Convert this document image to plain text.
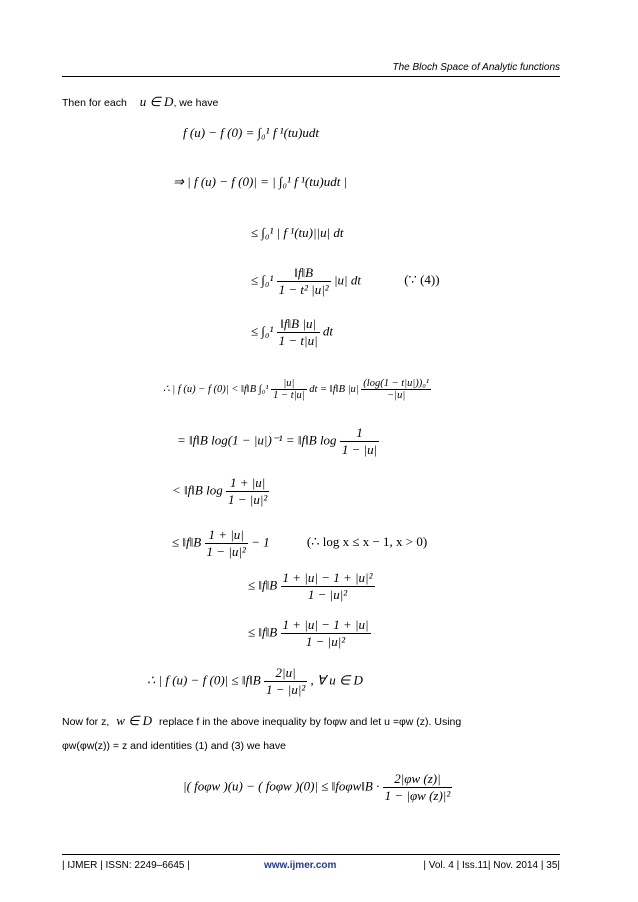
The Bloch Space of Analytic functions
Then for each u ∈ D, we have
f (u) − f (0) = ∫₀¹ f ¹(tu)udt
⇒ | f (u) − f (0)| = | ∫₀¹ f ¹(tu)udt |
≤ ∫₀¹ | f ¹(tu)||u| dt
≤ $\int_0^1 \frac{‖f‖B}{\text{1 − t² |u|²}} |u|$ dt	(∵ (4))
≤ $\int_0^1 \frac{‖f‖B |u|}{1 - t|u|}$ dt
∴ | f (u) − f (0)| < ‖f‖B $\int_0^1 \frac{|u|}{1 - t|u|}$ dt = ‖f‖B $|u| \frac{\text{(log(1 − t|u|))₀¹}}{-|u|}$
= ‖f‖B log(1 − |u|)⁻¹ = ‖f‖B $\log \frac{1}{1 - |u|}$
< ‖f‖B $\log \frac{1 + |u|}{\text{1 − |u|²}}$
≤ ‖f‖B $\frac{1 + |u|}{\text{1 − |u|²}} - 1$	(∴ log x ≤ x − 1, x > 0)
≤ ‖f‖B $\frac{\text{1 + |u| − 1 + |u|²}}{\text{1 − |u|²}}$
≤ ‖f‖B $\frac{1 + |u| - 1 + |u|}{\text{1 − |u|²}}$
∴ | f (u) − f (0)| ≤ ‖f‖B $\frac{2|u|}{\text{1 − |u|²}}$ , ∀ u ∈ D
Now for z, w ∈ D replace f in the above inequality by foφw and let u =φw (z). Using
φw(φw(z)) = z and identities (1) and (3) we have
|( foφw )(u) − ( foφw )(0)| ≤ ‖foφw‖B · $\frac{2|\varphi w (z)|}{\text{1 − |φw (z)|²}}$
| IJMER | ISSN: 2249–6645 |	www.ijmer.com	| Vol. 4 | Iss.11| Nov. 2014 | 35|
